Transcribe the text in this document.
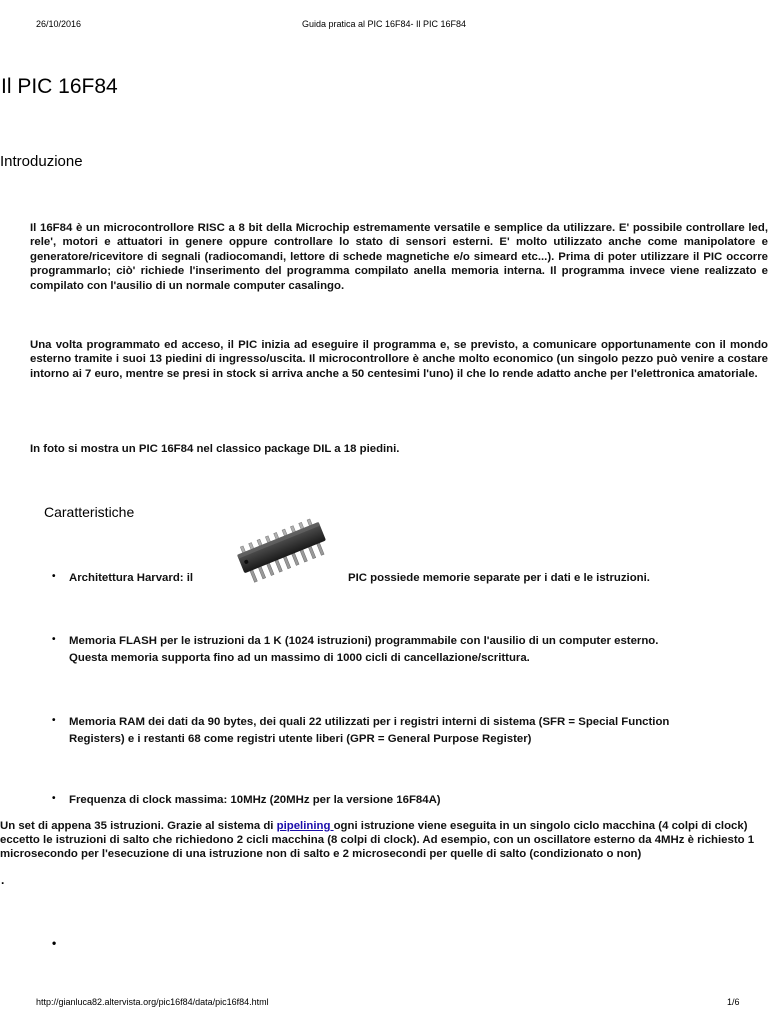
26/10/2016	Guida pratica al PIC 16F84- Il PIC 16F84
Il PIC 16F84
Introduzione

Il 16F84 è un microcontrollore RISC a 8 bit della Microchip estremamente versatile e semplice da utilizzare. E' possibile controllare led, rele', motori e attuatori in genere oppure controllare lo stato di sensori esterni. E' molto utilizzato anche come manipolatore e generatore/ricevitore di segnali (radiocomandi, lettore di schede magnetiche e/o simeard etc...). Prima di poter utilizzare il PIC occorre programmarlo; ciò' richiede l'inserimento del programma compilato anella memoria interna. Il programma invece viene realizzato e compilato con l'ausilio di un normale computer casalingo.

Una volta programmato ed acceso, il PIC inizia ad eseguire il programma e, se previsto, a comunicare opportunamente con il mondo esterno tramite i suoi 13 piedini di ingresso/uscita. Il microcontrollore è anche molto economico (un singolo pezzo può venire a costare intorno ai 7 euro, mentre se presi in stock si arriva anche a 50 centesimi l'uno) il che lo rende adatto anche per l'elettronica amatoriale.

In foto si mostra un PIC 16F84 nel classico package DIL a 18 piedini.

Caratteristiche
• Architettura Harvard: il	PIC possiede memorie separate per i dati e le istruzioni.

• Memoria FLASH per le istruzioni da 1 K (1024 istruzioni) programmabile con l'ausilio di un computer esterno.
Questa memoria supporta fino ad un massimo di 1000 cicli di cancellazione/scrittura.

• Memoria RAM dei dati da 90 bytes, dei quali 22 utilizzati per i registri interni di sistema (SFR = Special Function
Registers) e i restanti 68 come registri utente liberi (GPR = General Purpose Register)

• Frequenza di clock massima: 10MHz (20MHz per la versione 16F84A)

Un set di appena 35 istruzioni. Grazie al sistema di pipelining ogni istruzione viene eseguita in un singolo ciclo macchina (4 colpi di clock) eccetto le istruzioni di salto che richiedono 2 cicli macchina (8 colpi di clock). Ad esempio, con un oscillatore esterno da 4MHz è richiesto 1 microsecondo per l'esecuzione di una istruzione non di salto e 2 microsecondi per quelle di salto (condizionato o non)

.
•
http://gianluca82.altervista.org/pic16f84/data/pic16f84.html	1/6
